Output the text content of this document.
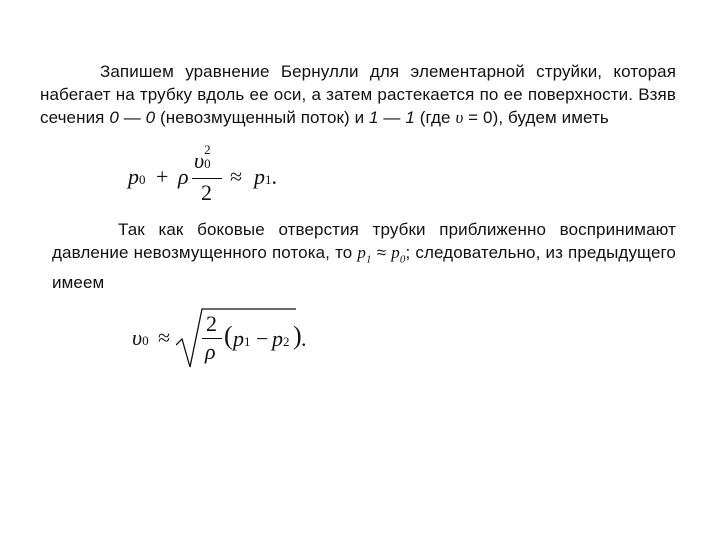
Запишем уравнение Бернулли для элементарной струйки, которая набегает на трубку вдоль ее оси, а затем растекается по ее поверхности. Взяв сечения 0 — 0 (невозмущенный поток) и 1 — 1 (где υ = 0), будем иметь
p0 + ρ
υ 2
0
2
≈ p1.
Так как боковые отверстия трубки приближенно воспринимают давление невозмущенного потока, то $p_1 \approx p_0$; следовательно, из предыдущего имеем
υ0 ≈
2
ρ
( p1 − p2 ) .
